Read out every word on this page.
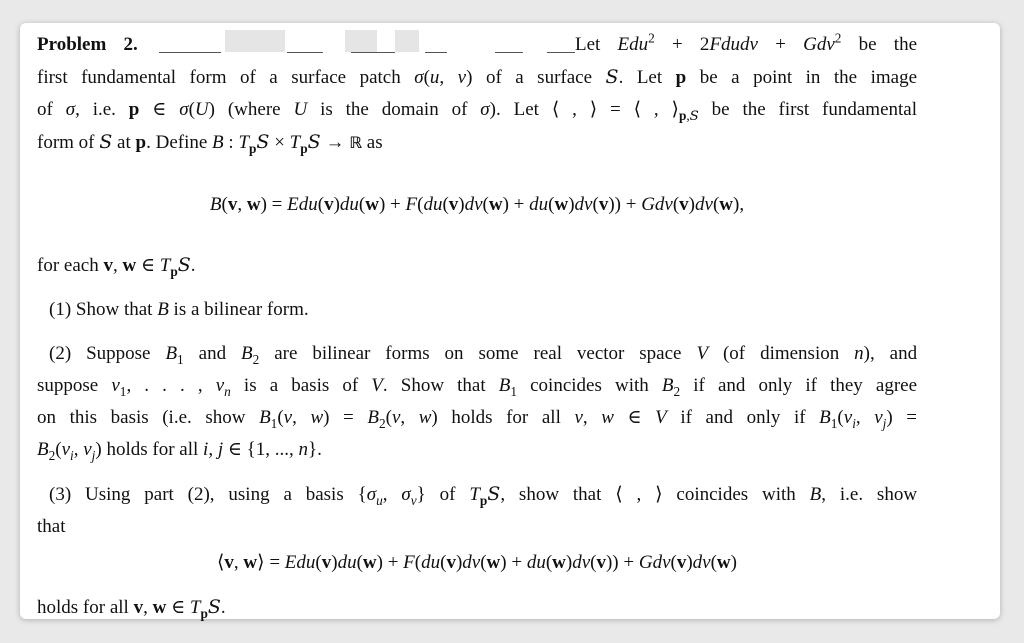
Problem 2.	Let Edu$^2$ + 2Fdudv + Gdv$^2$ be the

first fundamental form of a surface patch σ(u, v) of a surface S. Let p be a point in the image

of σ, i.e. p ∈ σ(U) (where U is the domain of σ). Let ⟨ , ⟩ = ⟨ , $⟩_{p,S}$ be the first fundamental

form of S at p. Define B : $T_pS \times T_pS$ → ℝ as

B(v, w) = Edu(v)du(w) + F(du(v)dv(w) + du(w)dv(v)) + Gdv(v)dv(w),

for each v, w ∈ $T_pS$.

(1) Show that B is a bilinear form.

(2) Suppose $B_1$ and $B_2$ are bilinear forms on some real vector space V (of dimension n), and

suppose $v_1$, . . . , $v_n$ is a basis of V. Show that $B_1$ coincides with $B_2$ if and only if they agree

on this basis (i.e. show $B_1(v$, $w) = B_2(v$, w) holds for all v, w ∈ V if and only if $B_1(v_i$, $v_j$) =

$B_2(v_i$, $v_j$) holds for all i, j ∈ {1, ..., n}.

(3) Using part (2), using a basis {$\sigma_u$, $\sigma_v$} of $T_pS$, show that ⟨ , ⟩ coincides with B, i.e. show

that

⟨v, w⟩ = Edu(v)du(w) + F(du(v)dv(w) + du(w)dv(v)) + Gdv(v)dv(w)

holds for all v, w ∈ $T_pS$.
